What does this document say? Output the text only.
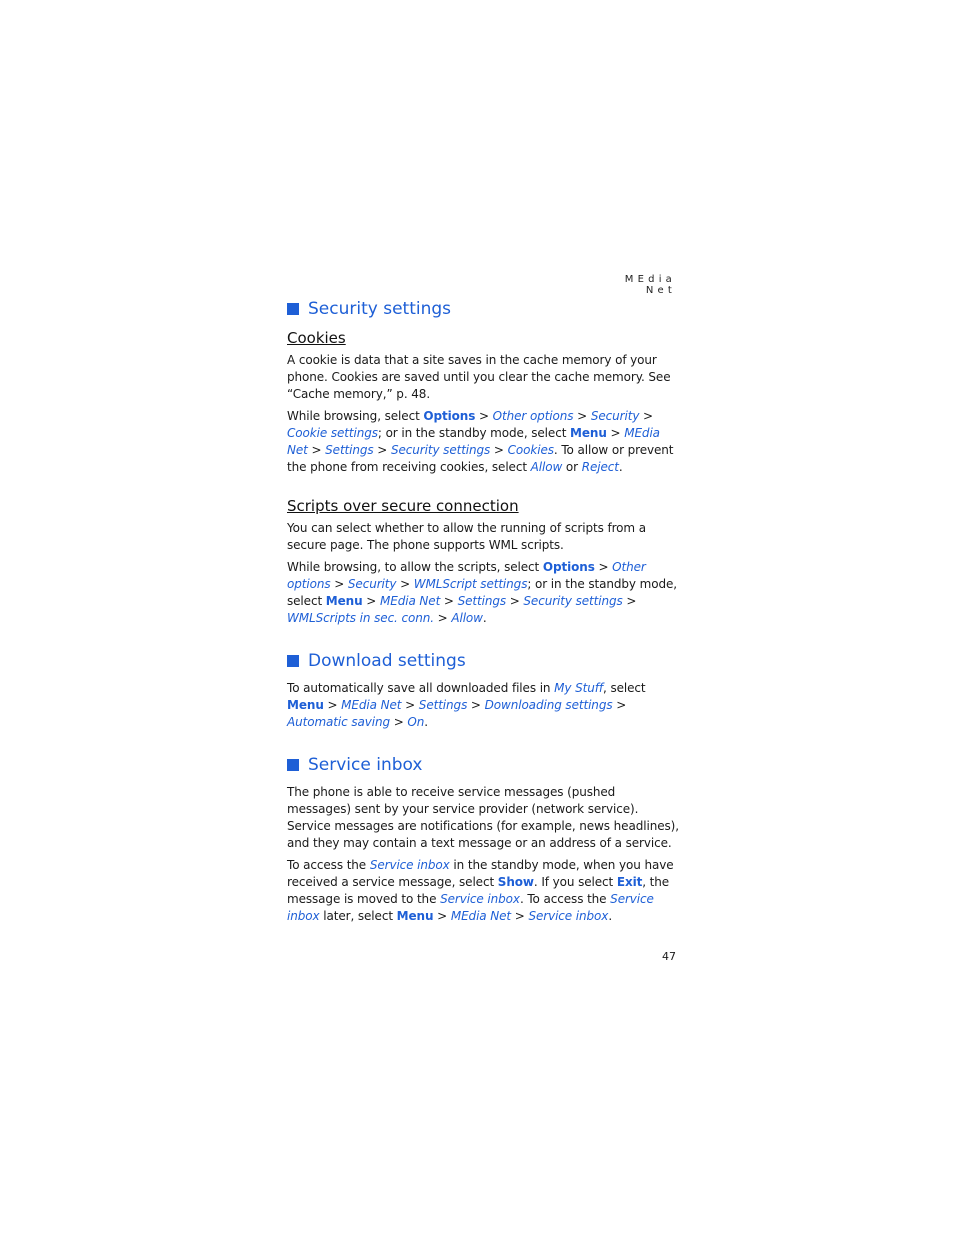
MEdia Net
Security settings
Cookies

A cookie is data that a site saves in the cache memory of your phone. Cookies are saved until you clear the cache memory. See “Cache memory,” p. 48.

While browsing, select Options > Other options > Security > Cookie settings; or in the standby mode, select Menu > MEdia Net > Settings > Security settings > Cookies. To allow or prevent the phone from receiving cookies, select Allow or Reject.

Scripts over secure connection

You can select whether to allow the running of scripts from a secure page. The phone supports WML scripts.

While browsing, to allow the scripts, select Options > Other options > Security > WMLScript settings; or in the standby mode, select Menu > MEdia Net > Settings > Security settings > WMLScripts in sec. conn. > Allow.

Download settings

To automatically save all downloaded files in My Stuff, select Menu > MEdia Net > Settings > Downloading settings > Automatic saving > On.

Service inbox

The phone is able to receive service messages (pushed messages) sent by your service provider (network service). Service messages are notifications (for example, news headlines), and they may contain a text message or an address of a service.

To access the Service inbox in the standby mode, when you have received a service message, select Show. If you select Exit, the message is moved to the Service inbox. To access the Service inbox later, select Menu > MEdia Net > Service inbox.

47
